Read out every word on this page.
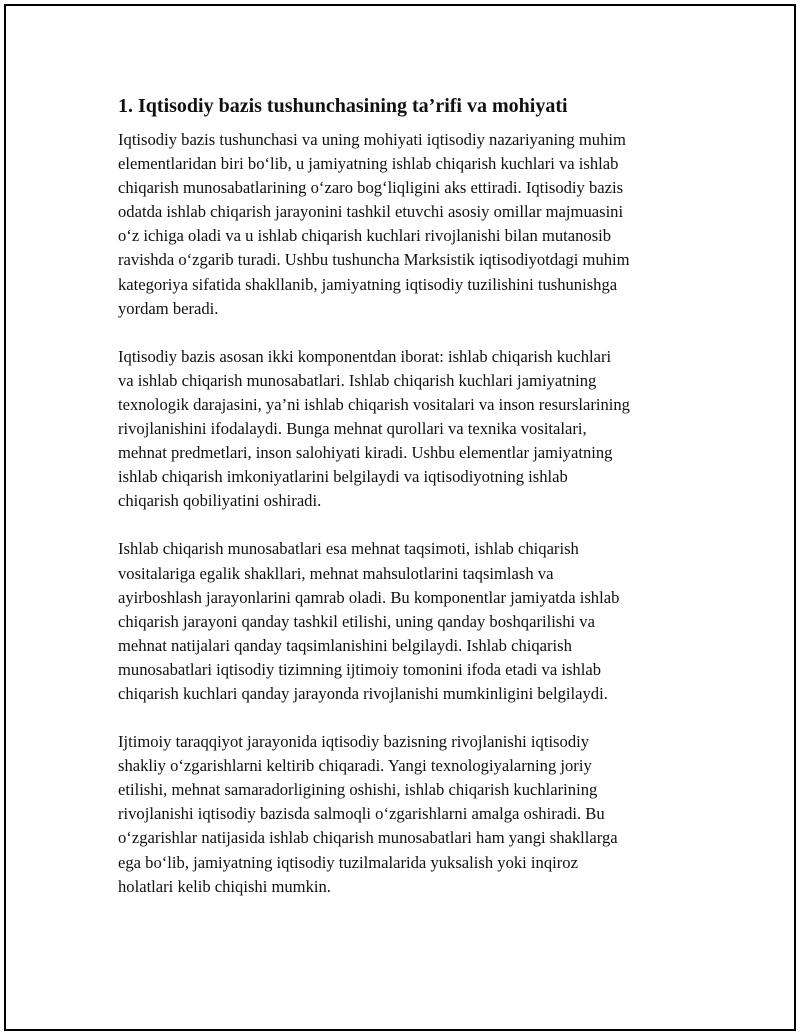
1. Iqtisodiy bazis tushunchasining ta’rifi va mohiyati

Iqtisodiy bazis tushunchasi va uning mohiyati iqtisodiy nazariyaning muhim
elementlaridan biri bo‘lib, u jamiyatning ishlab chiqarish kuchlari va ishlab
chiqarish munosabatlarining o‘zaro bog‘liqligini aks ettiradi. Iqtisodiy bazis
odatda ishlab chiqarish jarayonini tashkil etuvchi asosiy omillar majmuasini
o‘z ichiga oladi va u ishlab chiqarish kuchlari rivojlanishi bilan mutanosib
ravishda o‘zgarib turadi. Ushbu tushuncha Marksistik iqtisodiyotdagi muhim
kategoriya sifatida shakllanib, jamiyatning iqtisodiy tuzilishini tushunishga
yordam beradi.

Iqtisodiy bazis asosan ikki komponentdan iborat: ishlab chiqarish kuchlari
va ishlab chiqarish munosabatlari. Ishlab chiqarish kuchlari jamiyatning
texnologik darajasini, ya’ni ishlab chiqarish vositalari va inson resurslarining
rivojlanishini ifodalaydi. Bunga mehnat qurollari va texnika vositalari,
mehnat predmetlari, inson salohiyati kiradi. Ushbu elementlar jamiyatning
ishlab chiqarish imkoniyatlarini belgilaydi va iqtisodiyotning ishlab
chiqarish qobiliyatini oshiradi.

Ishlab chiqarish munosabatlari esa mehnat taqsimoti, ishlab chiqarish
vositalariga egalik shakllari, mehnat mahsulotlarini taqsimlash va
ayirboshlash jarayonlarini qamrab oladi. Bu komponentlar jamiyatda ishlab
chiqarish jarayoni qanday tashkil etilishi, uning qanday boshqarilishi va
mehnat natijalari qanday taqsimlanishini belgilaydi. Ishlab chiqarish
munosabatlari iqtisodiy tizimning ijtimoiy tomonini ifoda etadi va ishlab
chiqarish kuchlari qanday jarayonda rivojlanishi mumkinligini belgilaydi.

Ijtimoiy taraqqiyot jarayonida iqtisodiy bazisning rivojlanishi iqtisodiy
shakliy o‘zgarishlarni keltirib chiqaradi. Yangi texnologiyalarning joriy
etilishi, mehnat samaradorligining oshishi, ishlab chiqarish kuchlarining
rivojlanishi iqtisodiy bazisda salmoqli o‘zgarishlarni amalga oshiradi. Bu
o‘zgarishlar natijasida ishlab chiqarish munosabatlari ham yangi shakllarga
ega bo‘lib, jamiyatning iqtisodiy tuzilmalarida yuksalish yoki inqiroz
holatlari kelib chiqishi mumkin.
